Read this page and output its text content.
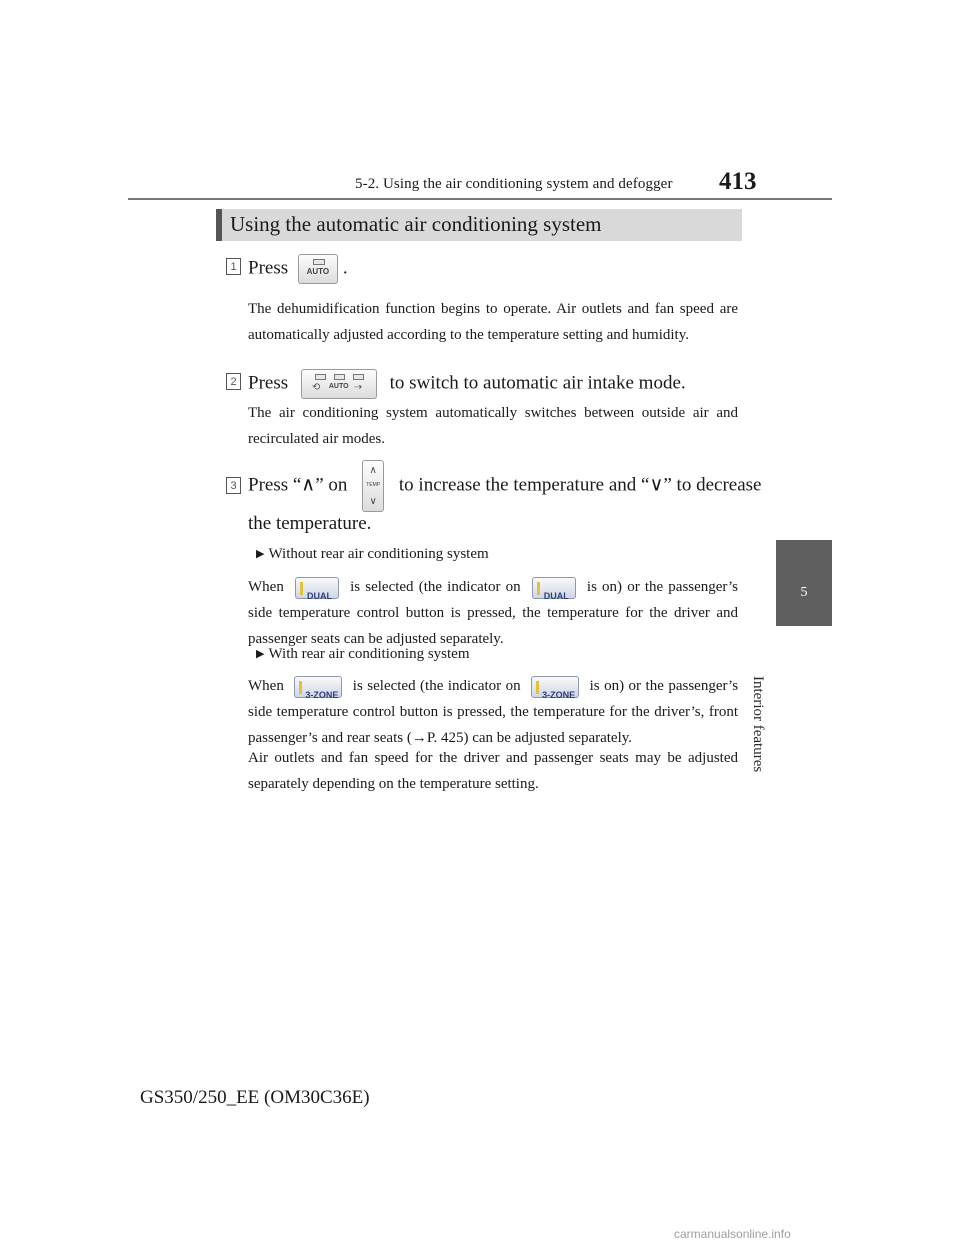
5-2. Using the air conditioning system and defogger 413
5
Interior features
Using the automatic air conditioning system
1 Press	AUTO .
The dehumidification function begins to operate. Air outlets and fan speed are automatically adjusted according to the temperature setting and humidity.
2 Press ⟲ AUTO ⇢ to switch to automatic air intake mode.
The air conditioning system automatically switches between outside air and recirculated air modes.
3 Press “∧” on
∧
TEMP
∨
to increase the temperature and “∨” to decrease
the temperature.
▶ Without rear air conditioning system
When
DUAL
is selected (the indicator on
DUAL
is on) or the passenger’s side temperature control button is pressed, the temperature for the driver and passenger seats can be adjusted separately.
▶ With rear air conditioning system
When
3-ZONE
is selected (the indicator on
3-ZONE
is on) or the passenger’s side temperature control button is pressed, the temperature for the driver’s, front passenger’s and rear seats (→P. 425) can be adjusted separately.
Air outlets and fan speed for the driver and passenger seats may be adjusted separately depending on the temperature setting.
GS350/250_EE (OM30C36E)
carmanualsonline.info
